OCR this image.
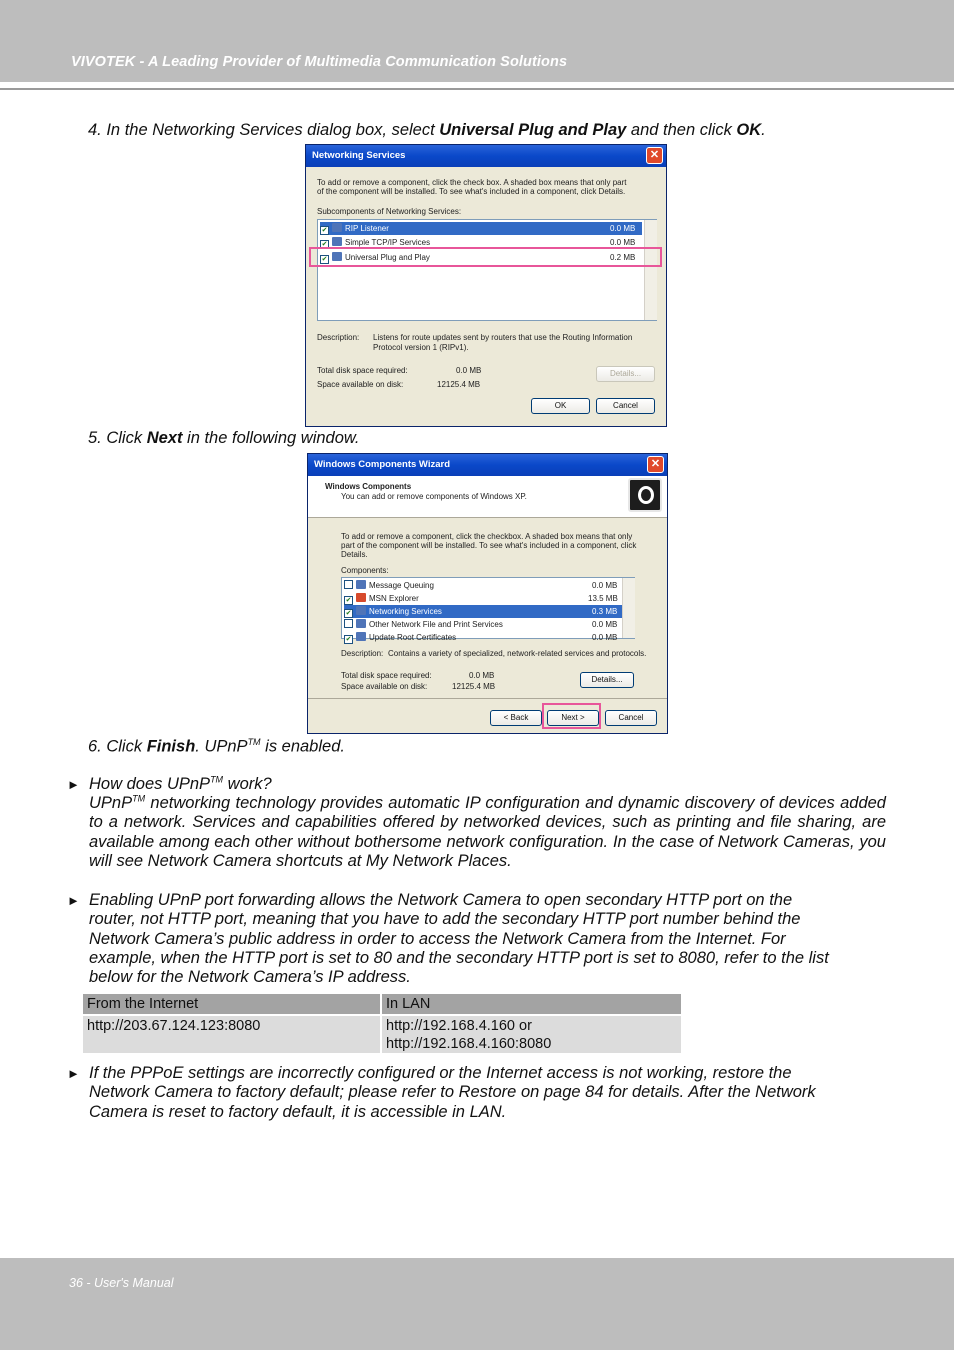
VIVOTEK - A Leading Provider of Multimedia Communication Solutions
4. In the Networking Services dialog box, select Universal Plug and Play and then click OK.
Networking Services	✕
To add or remove a component, click the check box. A shaded box means that only part
of the component will be installed. To see what's included in a component, click Details.
Subcomponents of Networking Services:
✔ RIP Listener	0.0 MB
✔ Simple TCP/IP Services	0.0 MB
✔ Universal Plug and Play	0.2 MB
Description: Listens for route updates sent by routers that use the Routing Information
Protocol version 1 (RIPv1).
Total disk space required:	0.0 MB
Space available on disk:	12125.4 MB
Details...
OK	Cancel
5. Click Next in the following window.
Windows Components Wizard	✕
Windows Components
You can add or remove components of Windows XP.
To add or remove a component, click the checkbox. A shaded box means that only
part of the component will be installed. To see what's included in a component, click
Details.
Components:
Message Queuing	0.0 MB
✔ MSN Explorer	13.5 MB
✔ Networking Services	0.3 MB
Other Network File and Print Services	0.0 MB
✔ Update Root Certificates	0.0 MB
Description: Contains a variety of specialized, network-related services and protocols.
Total disk space required:	0.0 MB
Space available on disk:	12125.4 MB
Details...
< Back	Next >	Cancel
6. Click Finish. UPnP™ is enabled.
► How does UPnP™ work?
UPnP™ networking technology provides automatic IP configuration and dynamic discovery of devices added to a network. Services and capabilities offered by networked devices, such as printing and file sharing, are available among each other without bothersome network configuration. In the case of Network Cameras, you will see Network Camera shortcuts at My Network Places.
► Enabling UPnP port forwarding allows the Network Camera to open secondary HTTP port on the
router, not HTTP port, meaning that you have to add the secondary HTTP port number behind the
Network Camera’s public address in order to access the Network Camera from the Internet. For
example, when the HTTP port is set to 80 and the secondary HTTP port is set to 8080, refer to the list
below for the Network Camera’s IP address.
From the Internet	In LAN
http://203.67.124.123:8080	http://192.168.4.160 or
http://192.168.4.160:8080
► If the PPPoE settings are incorrectly configured or the Internet access is not working, restore the
Network Camera to factory default; please refer to Restore on page 84 for details. After the Network
Camera is reset to factory default, it is accessible in LAN.
36 - User's Manual
